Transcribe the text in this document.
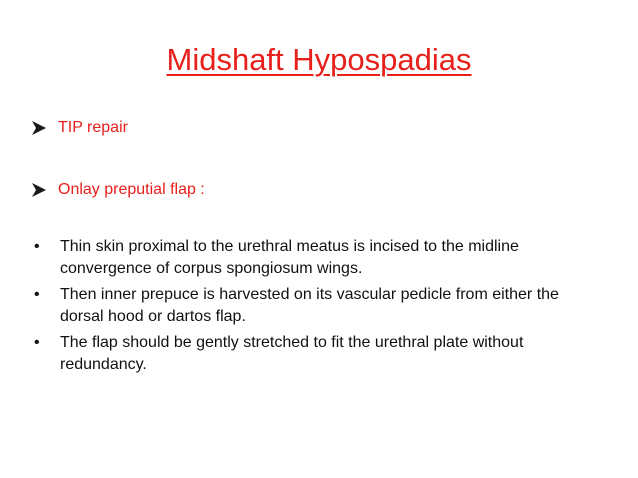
Midshaft Hypospadias
TIP repair
Onlay preputial flap :
•	Thin skin proximal to the urethral meatus is incised to the midline convergence of corpus spongiosum wings.
•	Then inner prepuce is harvested on its vascular pedicle from either the dorsal hood or dartos flap.
•	The flap should be gently stretched to fit the urethral plate without redundancy.
